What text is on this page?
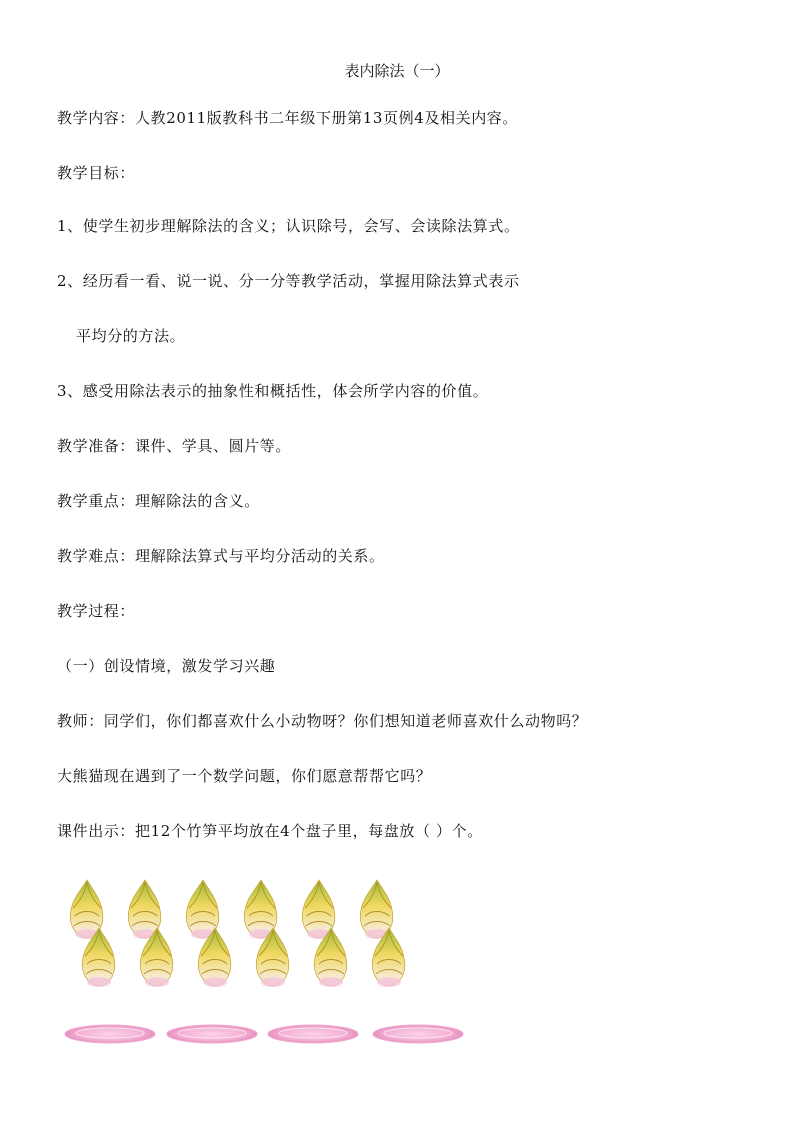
表内除法（一）
教学内容：人教2011版教科书二年级下册第13页例4及相关内容。
教学目标：
1、使学生初步理解除法的含义；认识除号，会写、会读除法算式。
2、经历看一看、说一说、分一分等教学活动，掌握用除法算式表示
平均分的方法。
3、感受用除法表示的抽象性和概括性，体会所学内容的价值。
教学准备：课件、学具、圆片等。
教学重点：理解除法的含义。
教学难点：理解除法算式与平均分活动的关系。
教学过程：
（一）创设情境，激发学习兴趣
教师：同学们，你们都喜欢什么小动物呀？你们想知道老师喜欢什么动物吗？
大熊猫现在遇到了一个数学问题，你们愿意帮帮它吗？
课件出示：把12个竹笋平均放在4个盘子里，每盘放（ ）个。
